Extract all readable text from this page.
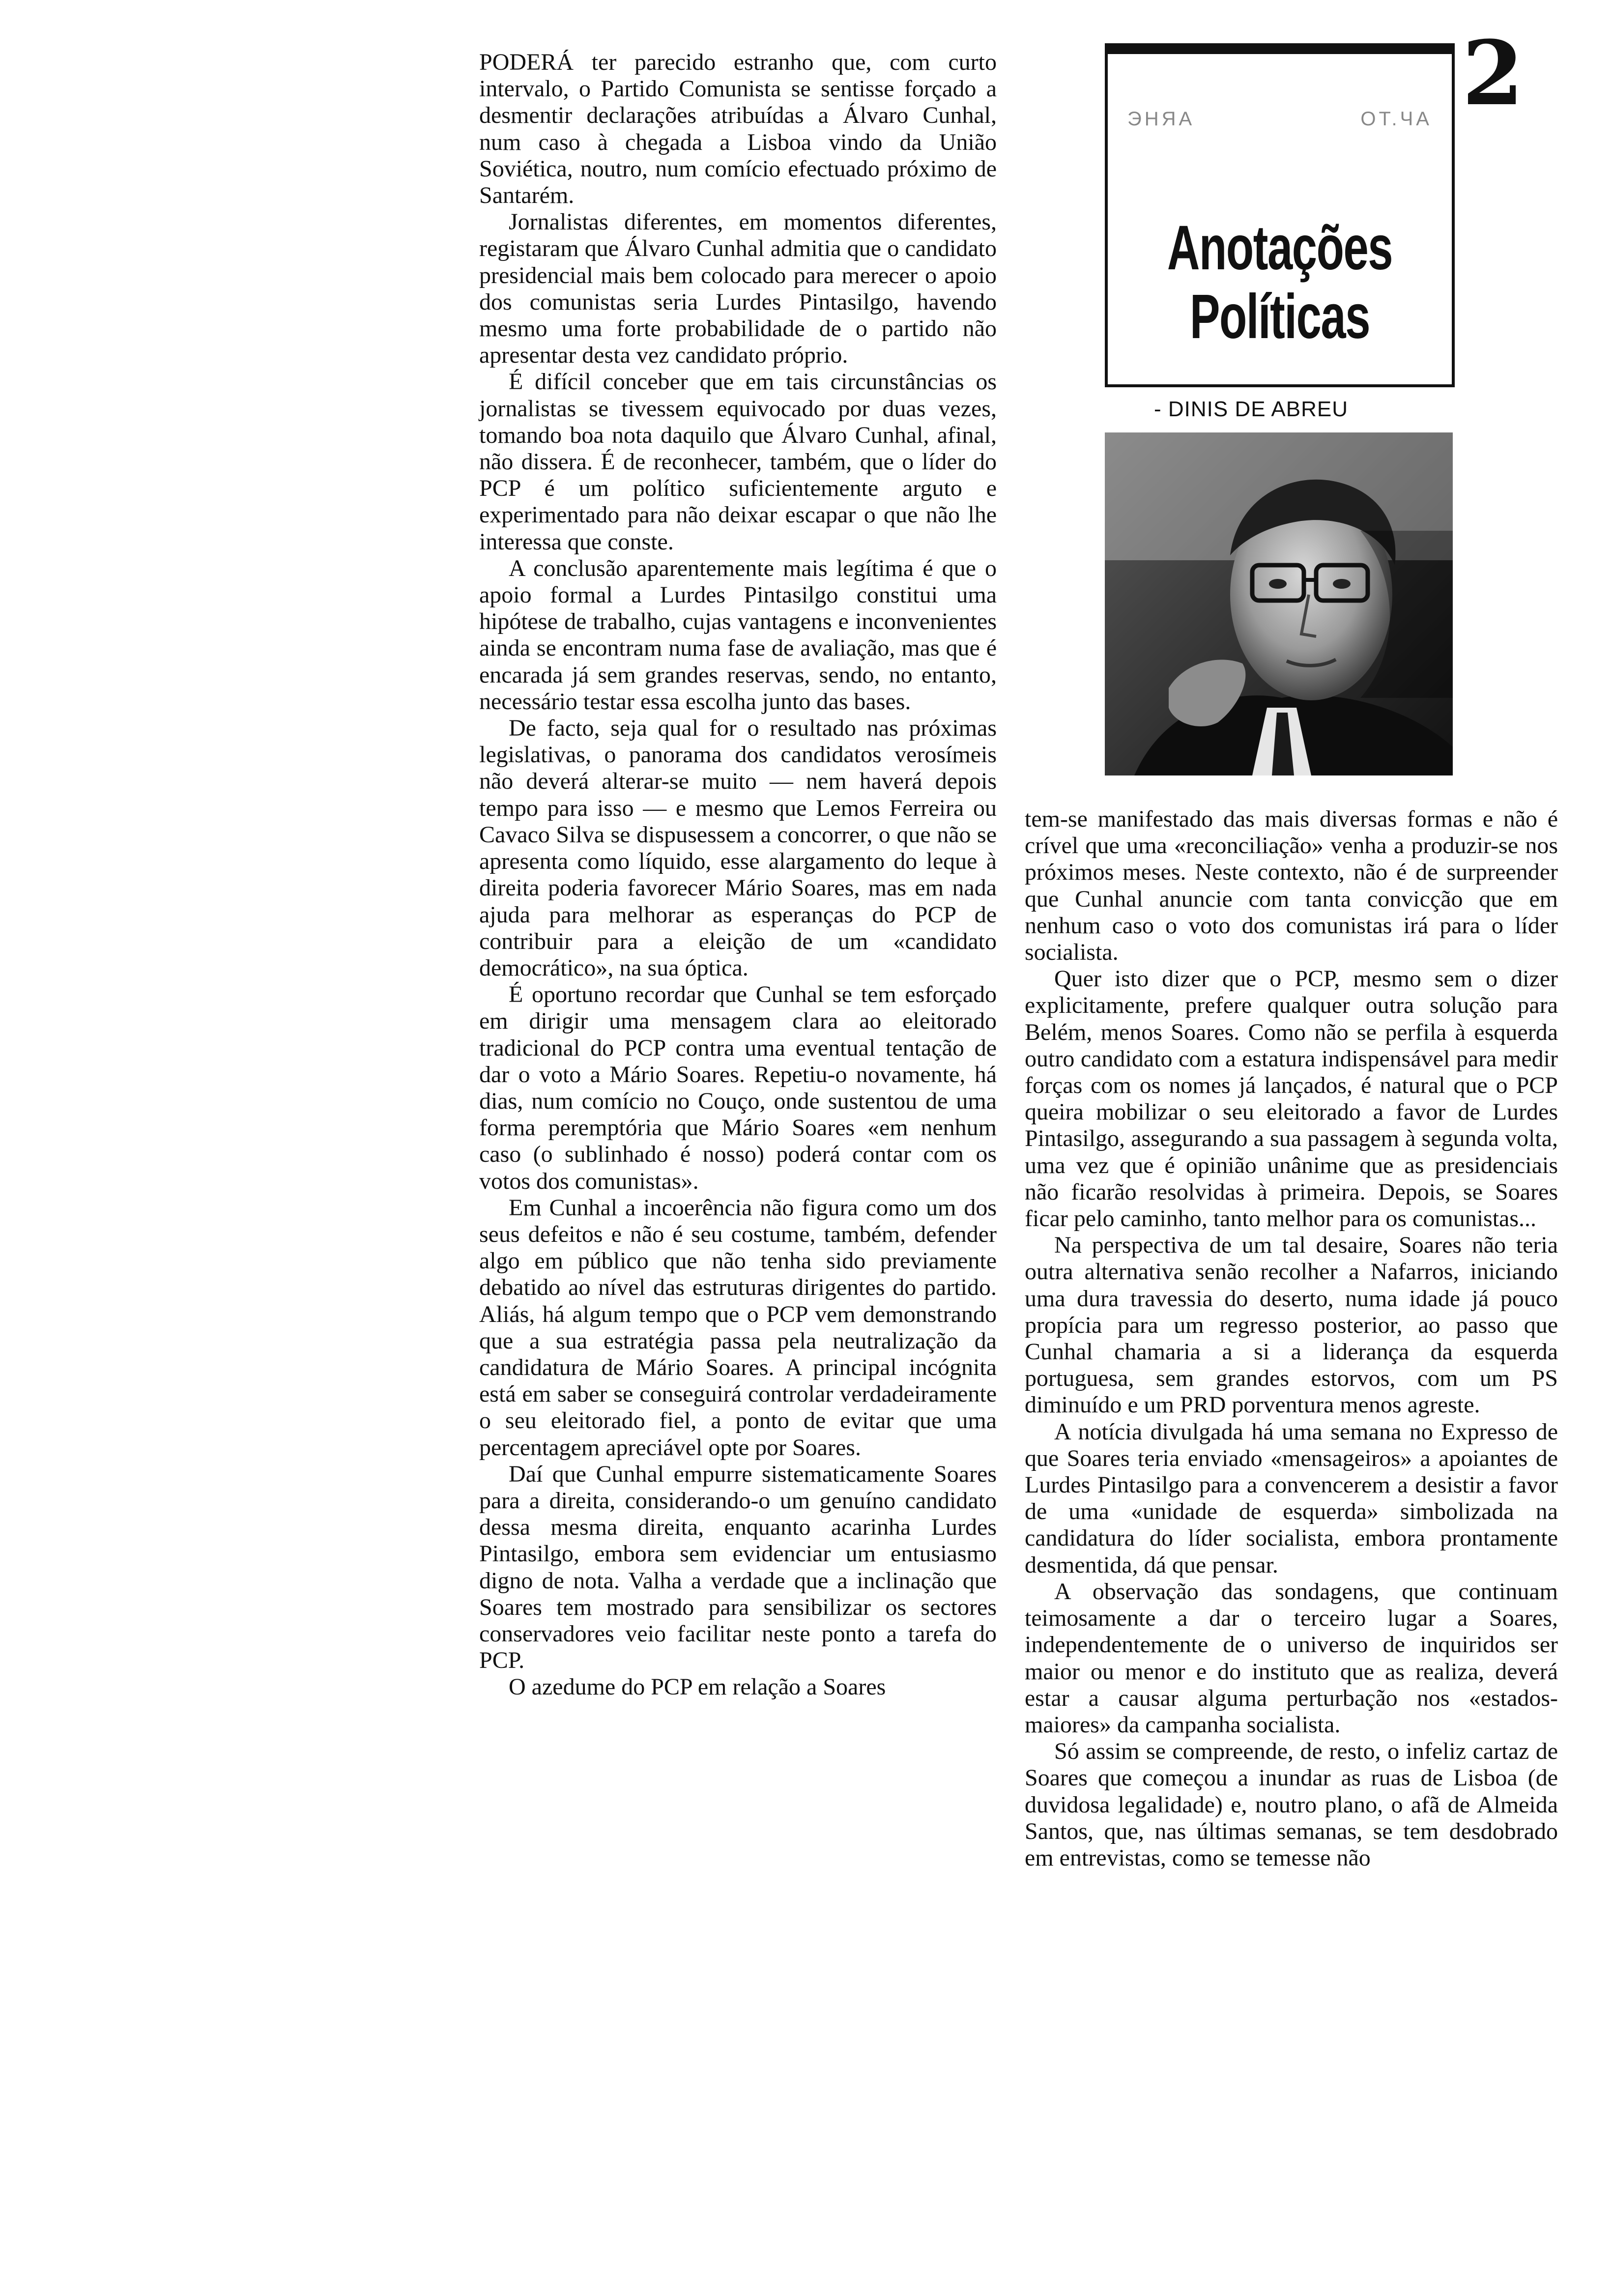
2

PODERÁ ter parecido estranho que, com curto intervalo, o Partido Comunista se sentisse forçado a desmentir declarações atribuídas a Álvaro Cunhal, num caso à chegada a Lisboa vindo da União Soviética, noutro, num comício efectuado próximo de Santarém.

Jornalistas diferentes, em momentos diferentes, registaram que Álvaro Cunhal admitia que o candidato presidencial mais bem colocado para merecer o apoio dos comunistas seria Lurdes Pintasilgo, havendo mesmo uma forte probabilidade de o partido não apresentar desta vez candidato próprio.

É difícil conceber que em tais circunstâncias os jornalistas se tivessem equivocado por duas vezes, tomando boa nota daquilo que Álvaro Cunhal, afinal, não dissera. É de reconhecer, também, que o líder do PCP é um político suficientemente arguto e experimentado para não deixar escapar o que não lhe interessa que conste.

A conclusão aparentemente mais legítima é que o apoio formal a Lurdes Pintasilgo constitui uma hipótese de trabalho, cujas vantagens e inconvenientes ainda se encontram numa fase de avaliação, mas que é encarada já sem grandes reservas, sendo, no entanto, necessário testar essa escolha junto das bases.

De facto, seja qual for o resultado nas próximas legislativas, o panorama dos candidatos verosímeis não deverá alterar-se muito — nem haverá depois tempo para isso — e mesmo que Lemos Ferreira ou Cavaco Silva se dispusessem a concorrer, o que não se apresenta como líquido, esse alargamento do leque à direita poderia favorecer Mário Soares, mas em nada ajuda para melhorar as esperanças do PCP de contribuir para a eleição de um «candidato democrático», na sua óptica.

É oportuno recordar que Cunhal se tem esforçado em dirigir uma mensagem clara ao eleitorado tradicional do PCP contra uma eventual tentação de dar o voto a Mário Soares. Repetiu-o novamente, há dias, num comício no Couço, onde sustentou de uma forma peremptória que Mário Soares «em nenhum caso (o sublinhado é nosso) poderá contar com os votos dos comunistas».

Em Cunhal a incoerência não figura como um dos seus defeitos e não é seu costume, também, defender algo em público que não tenha sido previamente debatido ao nível das estruturas dirigentes do partido. Aliás, há algum tempo que o PCP vem demonstrando que a sua estratégia passa pela neutralização da candidatura de Mário Soares. A principal incógnita está em saber se conseguirá controlar verdadeiramente o seu eleitorado fiel, a ponto de evitar que uma percentagem apreciável opte por Soares.

Daí que Cunhal empurre sistematicamente Soares para a direita, considerando-o um genuíno candidato dessa mesma direita, enquanto acarinha Lurdes Pintasilgo, embora sem evidenciar um entusiasmo digno de nota. Valha a verdade que a inclinação que Soares tem mostrado para sensibilizar os sectores conservadores veio facilitar neste ponto a tarefa do PCP.

O azedume do PCP em relação a Soares

ЭНЯА	ОТ.ЧА
Anotações
Políticas
- DINIS DE ABREU

tem-se manifestado das mais diversas formas e não é crível que uma «reconciliação» venha a produzir-se nos próximos meses. Neste contexto, não é de surpreender que Cunhal anuncie com tanta convicção que em nenhum caso o voto dos comunistas irá para o líder socialista.

Quer isto dizer que o PCP, mesmo sem o dizer explicitamente, prefere qualquer outra solução para Belém, menos Soares. Como não se perfila à esquerda outro candidato com a estatura indispensável para medir forças com os nomes já lançados, é natural que o PCP queira mobilizar o seu eleitorado a favor de Lurdes Pintasilgo, assegurando a sua passagem à segunda volta, uma vez que é opinião unânime que as presidenciais não ficarão resolvidas à primeira. Depois, se Soares ficar pelo caminho, tanto melhor para os comunistas...

Na perspectiva de um tal desaire, Soares não teria outra alternativa senão recolher a Nafarros, iniciando uma dura travessia do deserto, numa idade já pouco propícia para um regresso posterior, ao passo que Cunhal chamaria a si a liderança da esquerda portuguesa, sem grandes estorvos, com um PS diminuído e um PRD porventura menos agreste.

A notícia divulgada há uma semana no Expresso de que Soares teria enviado «mensageiros» a apoiantes de Lurdes Pintasilgo para a convencerem a desistir a favor de uma «unidade de esquerda» simbolizada na candidatura do líder socialista, embora prontamente desmentida, dá que pensar.

A observação das sondagens, que continuam teimosamente a dar o terceiro lugar a Soares, independentemente de o universo de inquiridos ser maior ou menor e do instituto que as realiza, deverá estar a causar alguma perturbação nos «estados-maiores» da campanha socialista.

Só assim se compreende, de resto, o infeliz cartaz de Soares que começou a inundar as ruas de Lisboa (de duvidosa legalidade) e, noutro plano, o afã de Almeida Santos, que, nas últimas semanas, se tem desdobrado em entrevistas, como se temesse não
